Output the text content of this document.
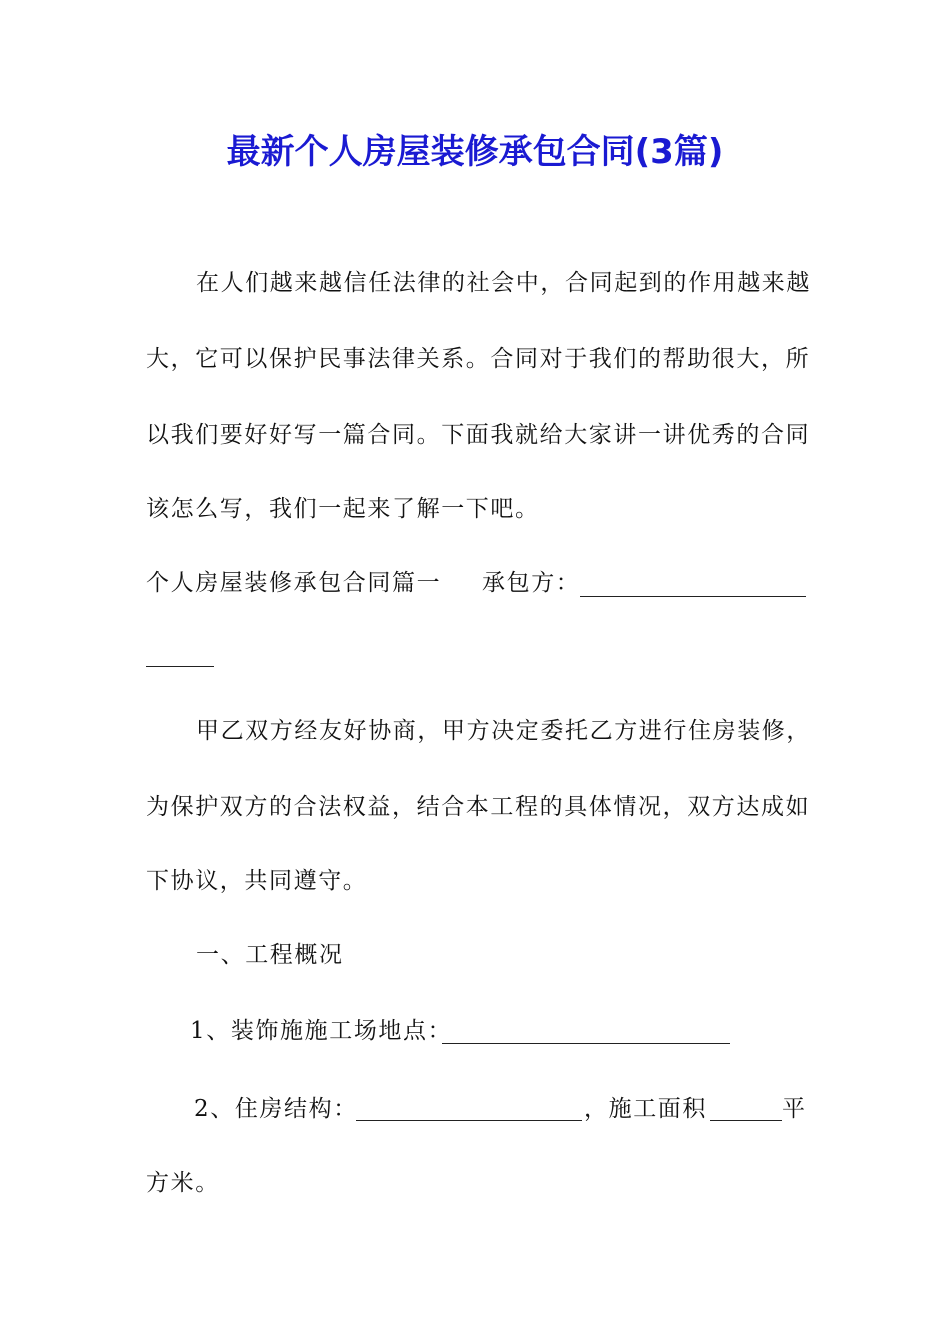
最新个人房屋装修承包合同(3篇)
在人们越来越信任法律的社会中，合同起到的作用越来越
大，它可以保护民事法律关系。合同对于我们的帮助很大，所
以我们要好好写一篇合同。下面我就给大家讲一讲优秀的合同
该怎么写，我们一起来了解一下吧。
个人房屋装修承包合同篇一 承包方：
甲乙双方经友好协商，甲方决定委托乙方进行住房装修，
为保护双方的合法权益，结合本工程的具体情况，双方达成如
下协议，共同遵守。
一、工程概况
1、装饰施施工场地点：
2、住房结构：	，施工面积	平
方米。
